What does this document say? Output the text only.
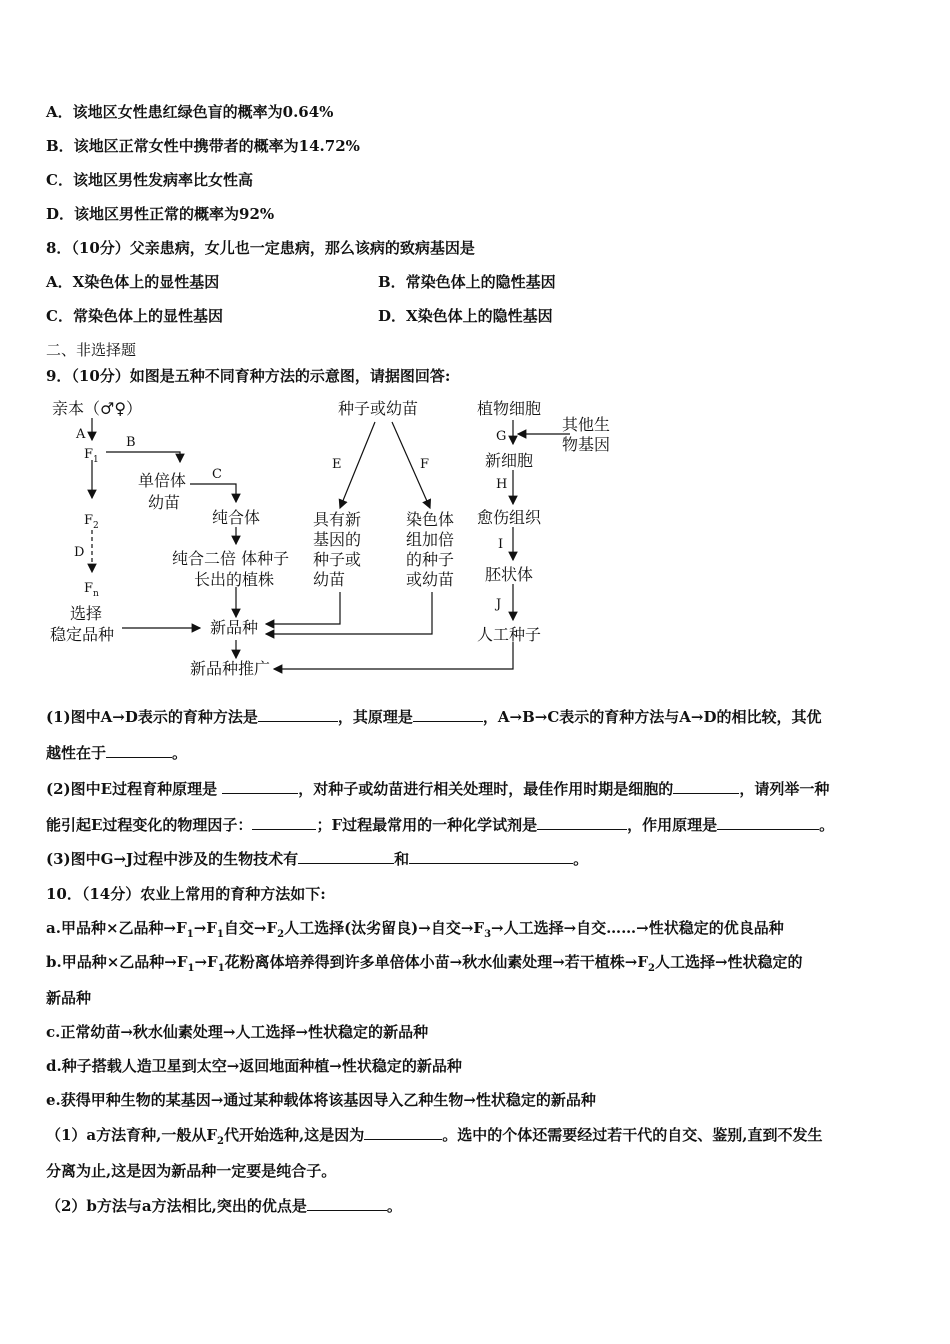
A．该地区女性患红绿色盲的概率为0.64%
B．该地区正常女性中携带者的概率为14.72%
C．该地区男性发病率比女性高
D．该地区男性正常的概率为92%
8．（10分）父亲患病，女儿也一定患病，那么该病的致病基因是
A．X染色体上的显性基因	B．常染色体上的隐性基因
C．常染色体上的显性基因	D．X染色体上的隐性基因
二、非选择题
9．（10分）如图是五种不同育种方法的示意图，请据图回答:
亲本（♂♀）
A
B
$F_1$
单倍体
幼苗
C
纯合体
$F_2$
D	纯合二倍 体种子
长出的植株
$F_n$
选择
稳定品种	新品种
新品种推广
种子或幼苗
E	F
具有新
基因的
种子或
幼苗
染色体
组加倍
的种子
或幼苗
植物细胞
其他生
物基因
G
新细胞
H
愈伤组织
I
胚状体
J
人工种子
(1)图中A→D表示的育种方法是	，其原理是	，A→B→C表示的育种方法与A→D的相比较，其优
越性在于	。
(2)图中E过程育种原理是	，对种子或幼苗进行相关处理时，最佳作用时期是细胞的	，请列举一种
能引起E过程变化的物理因子：	；F过程最常用的一种化学试剂是	，作用原理是	。
(3)图中G→J过程中涉及的生物技术有	和	。
10．（14分）农业上常用的育种方法如下:
a.甲品种×乙品种$\to F_1\to F_1$自交$\to F_2$人工选择(汰劣留良)→自交$\to F_3\to$人工选择→自交……→性状稳定的优良品种
b.甲品种×乙品种$\to F_1\to F_1$花粉离体培养得到许多单倍体小苗→秋水仙素处理→若干植株$\to F_2$人工选择→性状稳定的
新品种
c.正常幼苗→秋水仙素处理→人工选择→性状稳定的新品种
d.种子搭载人造卫星到太空→返回地面种植→性状稳定的新品种
e.获得甲种生物的某基因→通过某种载体将该基因导入乙种生物→性状稳定的新品种
（1）a方法育种,一般从$F_2$代开始选种,这是因为	。选中的个体还需要经过若干代的自交、鉴别,直到不发生
分离为止,这是因为新品种一定要是纯合子。
（2）b方法与a方法相比,突出的优点是	。
